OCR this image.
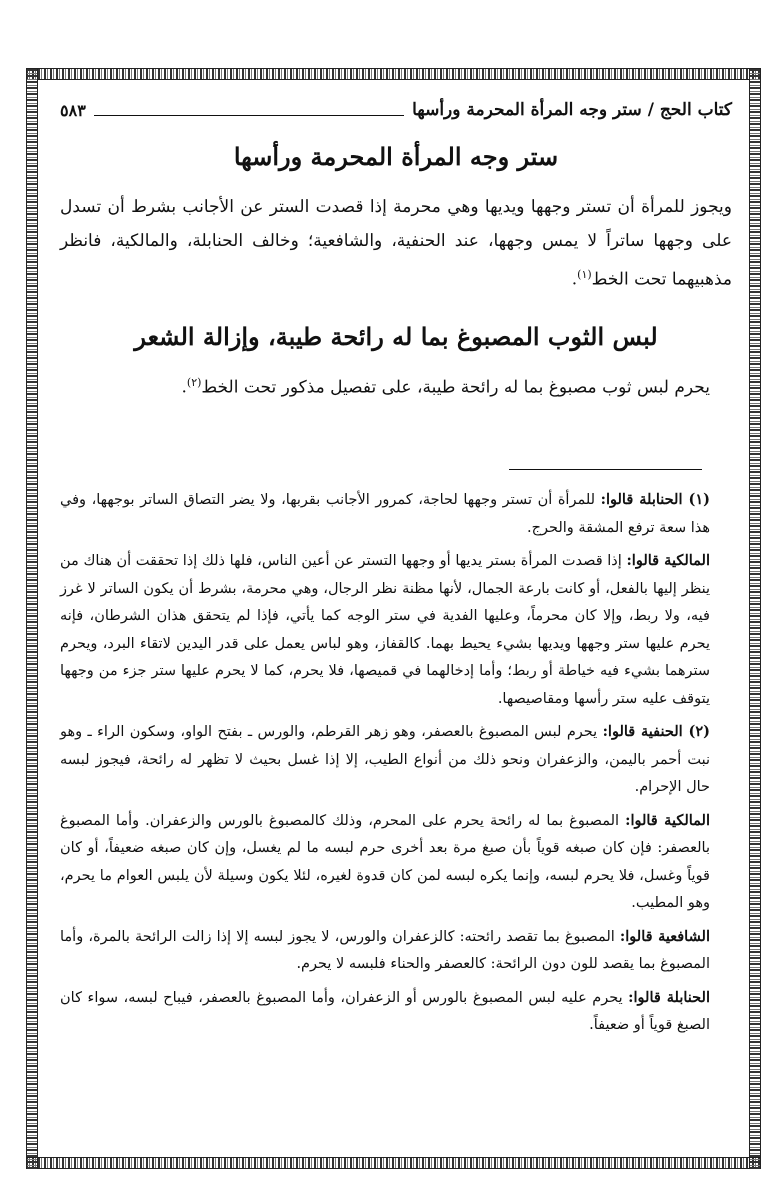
كتاب الحج / ستر وجه المرأة المحرمة ورأسها
٥٨٣
ستر وجه المرأة المحرمة ورأسها
ويجوز للمرأة أن تستر وجهها ويديها وهي محرمة إذا قصدت الستر عن الأجانب بشرط أن تسدل على وجهها ساتراً لا يمس وجهها، عند الحنفية، والشافعية؛ وخالف الحنابلة، والمالكية، فانظر مذهبيهما تحت الخط$^{(١)}$.
لبس الثوب المصبوغ بما له رائحة طيبة، وإزالة الشعر
يحرم لبس ثوب مصبوغ بما له رائحة طيبة، على تفصيل مذكور تحت الخط$^{(٢)}$.

(١) الحنابلة قالوا: للمرأة أن تستر وجهها لحاجة، كمرور الأجانب بقربها، ولا يضر التصاق الساتر بوجهها، وفي هذا سعة ترفع المشقة والحرج.

المالكية قالوا: إذا قصدت المرأة بستر يديها أو وجهها التستر عن أعين الناس، فلها ذلك إذا تحققت أن هناك من ينظر إليها بالفعل، أو كانت بارعة الجمال، لأنها مظنة نظر الرجال، وهي محرمة، بشرط أن يكون الساتر لا غرز فيه، ولا ربط، وإلا كان محرماً، وعليها الفدية في ستر الوجه كما يأتي، فإذا لم يتحقق هذان الشرطان، فإنه يحرم عليها ستر وجهها ويديها بشيء يحيط بهما. كالقفاز، وهو لباس يعمل على قدر اليدين لاتقاء البرد، ويحرم سترهما بشيء فيه خياطة أو ربط؛ وأما إدخالهما في قميصها، فلا يحرم، كما لا يحرم عليها ستر جزء من وجهها يتوقف عليه ستر رأسها ومقاصيصها.

(٢) الحنفية قالوا: يحرم لبس المصبوغ بالعصفر، وهو زهر القرطم، والورس ـ بفتح الواو، وسكون الراء ـ وهو نبت أحمر باليمن، والزعفران ونحو ذلك من أنواع الطيب، إلا إذا غسل بحيث لا تظهر له رائحة، فيجوز لبسه حال الإحرام.

المالكية قالوا: المصبوغ بما له رائحة يحرم على المحرم، وذلك كالمصبوغ بالورس والزعفران. وأما المصبوغ بالعصفر: فإن كان صبغه قوياً بأن صبغ مرة بعد أخرى حرم لبسه ما لم يغسل، وإن كان صبغه ضعيفاً، أو كان قوياً وغسل، فلا يحرم لبسه، وإنما يكره لبسه لمن كان قدوة لغيره، لئلا يكون وسيلة لأن يلبس العوام ما يحرم، وهو المطيب.

الشافعية قالوا: المصبوغ بما تقصد رائحته: كالزعفران والورس، لا يجوز لبسه إلا إذا زالت الرائحة بالمرة، وأما المصبوغ بما يقصد للون دون الرائحة: كالعصفر والحناء فلبسه لا يحرم.

الحنابلة قالوا: يحرم عليه لبس المصبوغ بالورس أو الزعفران، وأما المصبوغ بالعصفر، فيباح لبسه، سواء كان الصبغ قوياً أو ضعيفاً.
